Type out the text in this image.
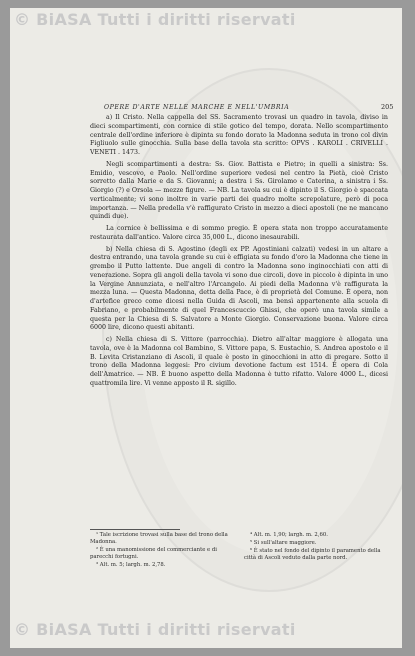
© BiASA Tutti i diritti riservati
OPERE D'ARTE NELLE MARCHE E NELL'UMBRIA	205

a) Il Cristo. Nella cappella del SS. Sacramento trovasi un quadro in tavola, diviso in dieci scompartimenti, con cornice di stile gotico del tempo, dorata. Nello scompartimento centrale dell'ordine inferiore è dipinta su fondo dorato la Madonna seduta in trono col divin Figliuolo sulle ginocchia. Sulla base della tavola sta scritto: OPVS . KAROLI . CRIVELLI . VENETI . 1473.

Negli scompartimenti a destra: Ss. Giov. Battista e Pietro; in quelli a sinistra: Ss. Emidio, vescovo, e Paolo. Nell'ordine superiore vedesi nel centro la Pietà, cioè Cristo sorretto dalla Marie e da S. Giovanni; a destra i Ss. Girolamo e Caterina, a sinistra i Ss. Giorgio (?) e Orsola — mezze figure. — NB. La tavola su cui è dipinto il S. Giorgio è spaccata verticalmente; vi sono inoltre in varie parti dei quadro molte screpolature, però di poca importanza. — Nella predella v'è raffigurato Cristo in mezzo a dieci apostoli (ne ne mancano quindi due).

La cornice è bellissima e di sommo pregio. È opera stata non troppo accuratamente restaurata dall'antico. Valore circa 35,000 L., dicono inesaurabili.

b) Nella chiesa di S. Agostino (degli ex PP. Agostiniani calzati) vedesi in un altare a destra entrando, una tavola grande su cui è effigiata su fondo d'oro la Madonna che tiene in grembo il Putto lattente. Due angeli di contro la Madonna sono inginocchiati con atti di venerazione. Sopra gli angoli della tavola vi sono due circoli, dove in piccolo è dipinta in uno la Vergine Annunziata, e nell'altro l'Arcangelo. Ai piedi della Madonna v'è raffigurata la mezza luna. — Questa Madonna, detta della Pace, è di proprietà del Comune. È opera, non d'artefice greco come dicesi nella Guida di Ascoli, ma bensì appartenente alla scuola di Fabriano, e probabilmente di quel Francescuccio Ghissi, che operò una tavola simile a questa per la Chiesa di S. Salvatore a Monte Giorgio. Conservazione buona. Valore circa 6000 lire, dicono questi abitanti.

c) Nella chiesa di S. Vittore (parrocchia). Dietro all'altar maggiore è allogata una tavola, ove è la Madonna col Bambino, S. Vittore papa, S. Eustachio, S. Andrea apostolo e il B. Levita Cristanziano di Ascoli, il quale è posto in ginocchioni in atto di pregare. Sotto il trono della Madonna leggesi: Pro civium devotione factum est 1514. È opera di Cola dell'Amatrice. — NB. È buono aspetto della Madonna è tutto rifatto. Valore 4000 L., dicesi quattromila lire. Vi venne apposto il R. sigillo.

¹ Tale iscrizione trovasi sulla base del trono della Madonna.

² È una manomissione del commerciante e di parecchi fortugni.

³ Alt. m. 5; largh. m. 2,78.

⁴ Alt. m. 1,90; largh. m. 2,60.

⁵ Si sull'altare maggiore.

⁶ È stato nel fondo del dipinto il paramento della città di Ascoli veduto dalla parte nord.

© BiASA Tutti i diritti riservati
